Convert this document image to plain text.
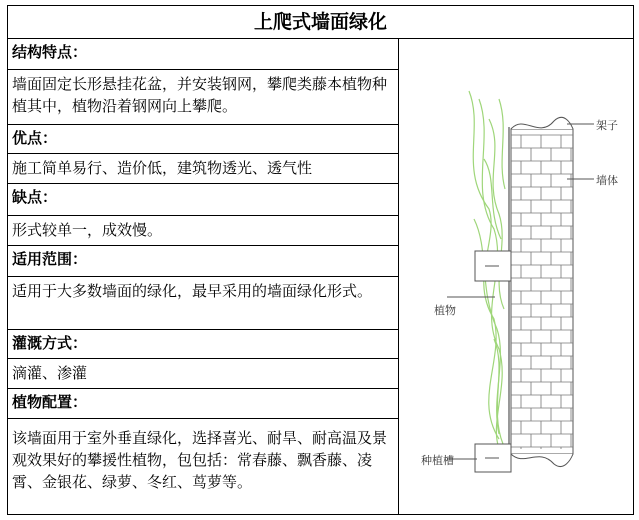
上爬式墙面绿化
结构特点：
墙面固定长形悬挂花盆，并安装钢网，攀爬类藤本植物种植其中，植物沿着钢网向上攀爬。
优点：
施工简单易行、造价低，建筑物透光、透气性
缺点：
形式较单一，成效慢。
适用范围：
适用于大多数墙面的绿化，最早采用的墙面绿化形式。
灌溉方式：
滴灌、渗灌
植物配置：
该墙面用于室外垂直绿化，选择喜光、耐旱、耐高温及景观效果好的攀援性植物，包包括：常春藤、飘香藤、凌霄、金银花、绿萝、冬红、茑萝等。
架子
墙体
植物
种植槽
